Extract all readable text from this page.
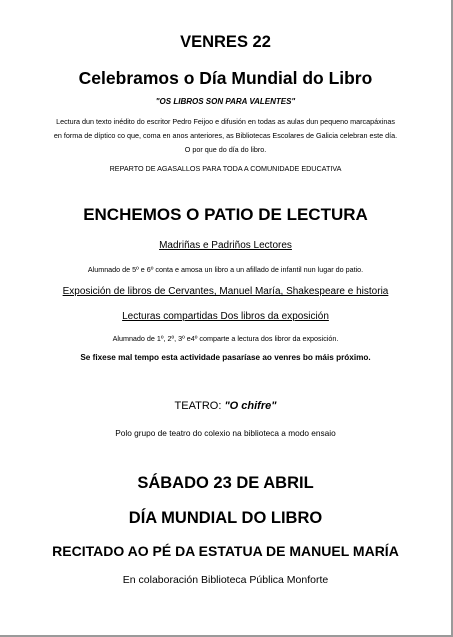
VENRES 22
Celebramos o Día Mundial do Libro
"OS LIBROS SON PARA VALENTES"
Lectura dun texto inédito do escritor Pedro Feijoo e difusión en todas as aulas dun pequeno marcapáxinas
en forma de díptico co que, coma en anos anteriores, as Bibliotecas Escolares de Galicia celebran este día.
O por que do día do libro.
REPARTO DE AGASALLOS PARA TODA A COMUNIDADE EDUCATIVA
ENCHEMOS O PATIO DE LECTURA
Madriñas e Padriños Lectores
Alumnado de 5º e 6º conta e amosa un libro a un afillado de infantil nun lugar do patio.
Exposición de libros de Cervantes, Manuel María, Shakespeare e historia
Lecturas compartidas Dos libros da exposición
Alumnado de 1º, 2º, 3º e4º comparte a lectura dos libror da exposición.
Se fixese mal tempo esta actividade pasaríase ao venres bo máis próximo.
TEATRO: "O chifre"
Polo grupo de teatro do colexio na biblioteca a modo ensaio
SÁBADO 23 DE ABRIL
DÍA MUNDIAL DO LIBRO
RECITADO AO PÉ DA ESTATUA DE MANUEL MARÍA
En colaboración Biblioteca Pública Monforte
